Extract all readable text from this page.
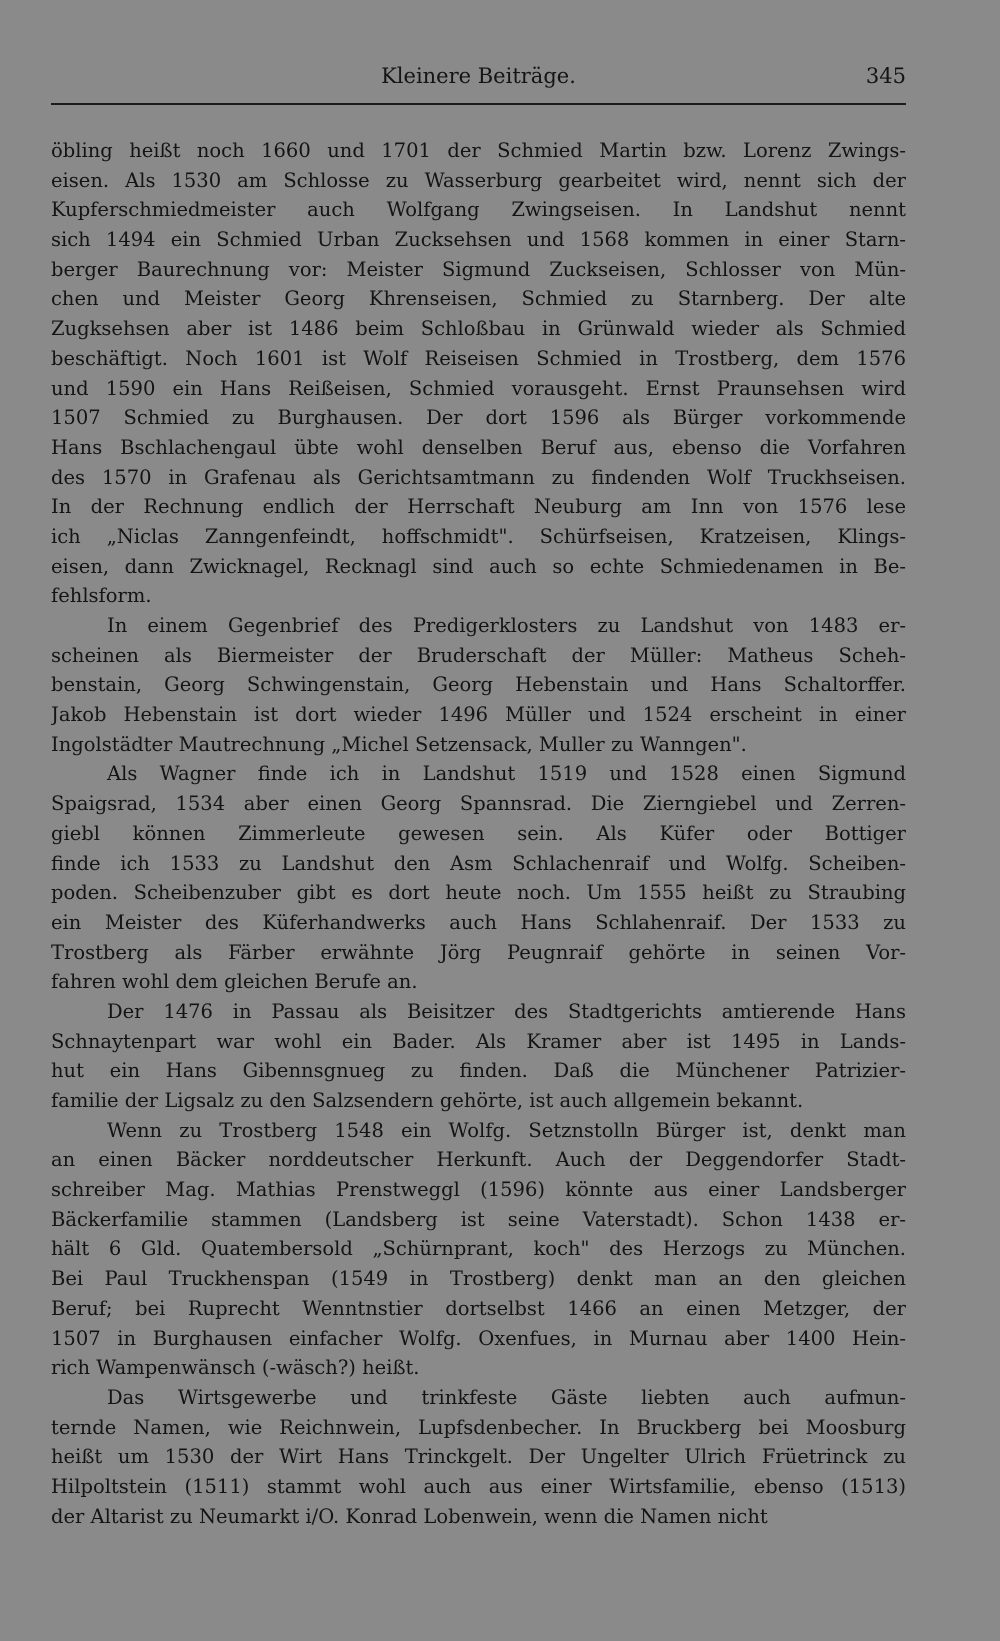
Kleinere Beiträge.	345
öbling heißt noch 1660 und 1701 der Schmied Martin bzw. Lorenz Zwings-
eisen. Als 1530 am Schlosse zu Wasserburg gearbeitet wird, nennt sich der
Kupferschmiedmeister auch Wolfgang Zwingseisen. In Landshut nennt
sich 1494 ein Schmied Urban Zucksehsen und 1568 kommen in einer Starn-
berger Baurechnung vor: Meister Sigmund Zuckseisen, Schlosser von Mün-
chen und Meister Georg Khrenseisen, Schmied zu Starnberg. Der alte
Zugksehsen aber ist 1486 beim Schloßbau in Grünwald wieder als Schmied
beschäftigt. Noch 1601 ist Wolf Reiseisen Schmied in Trostberg, dem 1576
und 1590 ein Hans Reißeisen, Schmied vorausgeht. Ernst Praunsehsen wird
1507 Schmied zu Burghausen. Der dort 1596 als Bürger vorkommende
Hans Bschlachengaul übte wohl denselben Beruf aus, ebenso die Vorfahren
des 1570 in Grafenau als Gerichtsamtmann zu findenden Wolf Truckhseisen.
In der Rechnung endlich der Herrschaft Neuburg am Inn von 1576 lese
ich „Niclas Zanngenfeindt, hoffschmidt". Schürfseisen, Kratzeisen, Klings-
eisen, dann Zwicknagel, Recknagl sind auch so echte Schmiedenamen in Be-
fehlsform.
In einem Gegenbrief des Predigerklosters zu Landshut von 1483 er-
scheinen als Biermeister der Bruderschaft der Müller: Matheus Scheh-
benstain, Georg Schwingenstain, Georg Hebenstain und Hans Schaltorffer.
Jakob Hebenstain ist dort wieder 1496 Müller und 1524 erscheint in einer
Ingolstädter Mautrechnung „Michel Setzensack, Muller zu Wanngen".
Als Wagner finde ich in Landshut 1519 und 1528 einen Sigmund
Spaigsrad, 1534 aber einen Georg Spannsrad. Die Zierngiebel und Zerren-
giebl können Zimmerleute gewesen sein. Als Küfer oder Bottiger
finde ich 1533 zu Landshut den Asm Schlachenraif und Wolfg. Scheiben-
poden. Scheibenzuber gibt es dort heute noch. Um 1555 heißt zu Straubing
ein Meister des Küferhandwerks auch Hans Schlahenraif. Der 1533 zu
Trostberg als Färber erwähnte Jörg Peugnraif gehörte in seinen Vor-
fahren wohl dem gleichen Berufe an.
Der 1476 in Passau als Beisitzer des Stadtgerichts amtierende Hans
Schnaytenpart war wohl ein Bader. Als Kramer aber ist 1495 in Lands-
hut ein Hans Gibennsgnueg zu finden. Daß die Münchener Patrizier-
familie der Ligsalz zu den Salzsendern gehörte, ist auch allgemein bekannt.
Wenn zu Trostberg 1548 ein Wolfg. Setznstolln Bürger ist, denkt man
an einen Bäcker norddeutscher Herkunft. Auch der Deggendorfer Stadt-
schreiber Mag. Mathias Prenstweggl (1596) könnte aus einer Landsberger
Bäckerfamilie stammen (Landsberg ist seine Vaterstadt). Schon 1438 er-
hält 6 Gld. Quatembersold „Schürnprant, koch" des Herzogs zu München.
Bei Paul Truckhenspan (1549 in Trostberg) denkt man an den gleichen
Beruf; bei Ruprecht Wenntnstier dortselbst 1466 an einen Metzger, der
1507 in Burghausen einfacher Wolfg. Oxenfues, in Murnau aber 1400 Hein-
rich Wampenwänsch (-wäsch?) heißt.
Das Wirtsgewerbe und trinkfeste Gäste liebten auch aufmun-
ternde Namen, wie Reichnwein, Lupfsdenbecher. In Bruckberg bei Moosburg
heißt um 1530 der Wirt Hans Trinckgelt. Der Ungelter Ulrich Früetrinck zu
Hilpoltstein (1511) stammt wohl auch aus einer Wirtsfamilie, ebenso (1513)
der Altarist zu Neumarkt i/O. Konrad Lobenwein, wenn die Namen nicht
